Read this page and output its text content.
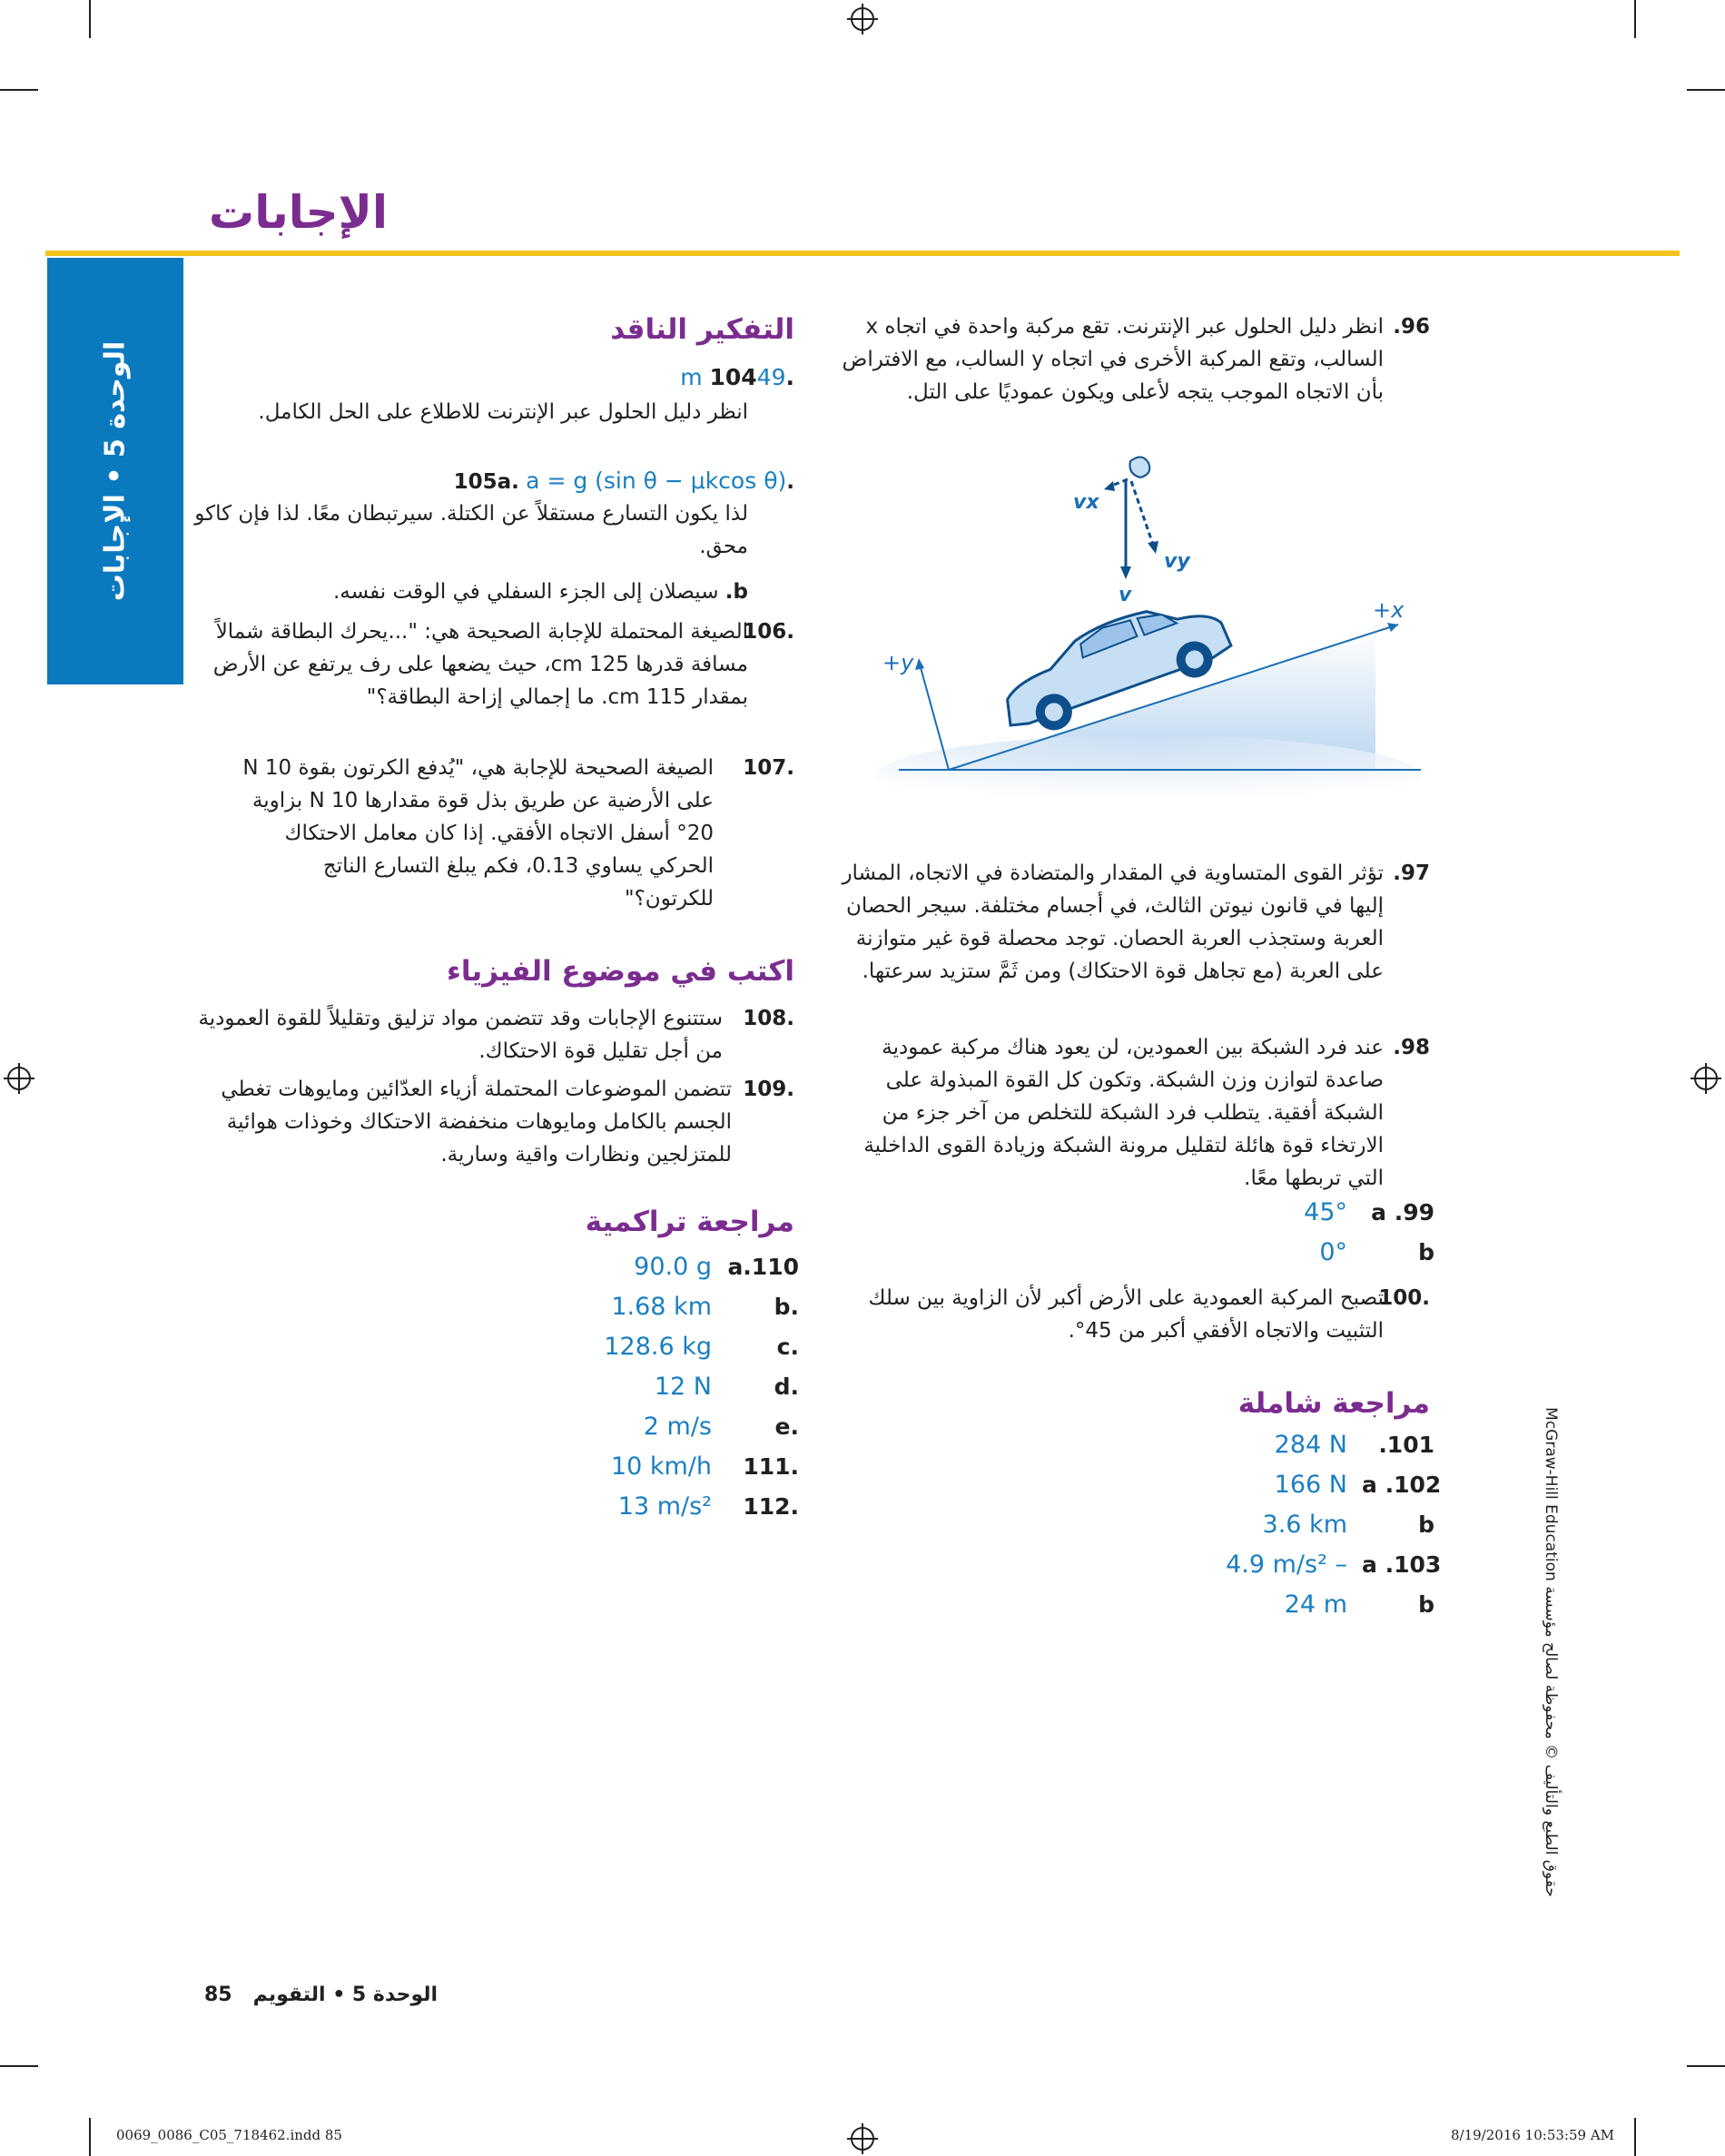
الإجابات
الوحدة 5 • الإجابات
التفكير الناقد
.10449 m
انظر دليل الحلول عبر الإنترنت للاطلاع على الحل الكامل.
.105a. a = g (sin θ − μkcos θ)
لذا يكون التسارع مستقلاً عن الكتلة. سيرتبطان معًا. لذا فإن كاكو محق.
b. سيصلان إلى الجزء السفلي في الوقت نفسه.
.106
الصيغة المحتملة للإجابة الصحيحة هي: "...يحرك البطاقة شمالاً مسافة قدرها 125 cm، حيث يضعها على رف يرتفع عن الأرض بمقدار 115 cm. ما إجمالي إزاحة البطاقة؟"
.107
الصيغة الصحيحة للإجابة هي، "يُدفع الكرتون بقوة 10 N على الأرضية عن طريق بذل قوة مقدارها 10 N بزاوية 20° أسفل الاتجاه الأفقي. إذا كان معامل الاحتكاك الحركي يساوي 0.13، فكم يبلغ التسارع الناتج للكرتون؟"
اكتب في موضوع الفيزياء
.108
ستتنوع الإجابات وقد تتضمن مواد تزليق وتقليلاً للقوة العمودية من أجل تقليل قوة الاحتكاك.
.109
تتضمن الموضوعات المحتملة أزياء العدّائين ومايوهات تغطي الجسم بالكامل ومايوهات منخفضة الاحتكاك وخوذات هوائية للمتزلجين ونظارات واقية وسارية.
مراجعة تراكمية
90.0 g a.110
1.68 km	b.
128.6 kg	c.
12 N	d.
2 m/s	e.
10 km/h	111.
13 m/s²	112.
96.
انظر دليل الحلول عبر الإنترنت. تقع مركبة واحدة في اتجاه x السالب، وتقع المركبة الأخرى في اتجاه y السالب، مع الافتراض بأن الاتجاه الموجب يتجه لأعلى ويكون عموديًا على التل.
+x
+y
vx
vy
v
97.
تؤثر القوى المتساوية في المقدار والمتضادة في الاتجاه، المشار إليها في قانون نيوتن الثالث، في أجسام مختلفة. سيجر الحصان العربة وستجذب العربة الحصان. توجد محصلة قوة غير متوازنة على العربة (مع تجاهل قوة الاحتكاك) ومن ثَمَّ ستزيد سرعتها.
98.
عند فرد الشبكة بين العمودين، لن يعود هناك مركبة عمودية صاعدة لتوازن وزن الشبكة. وتكون كل القوة المبذولة على الشبكة أفقية. يتطلب فرد الشبكة للتخلص من آخر جزء من الارتخاء قوة هائلة لتقليل مرونة الشبكة وزيادة القوى الداخلية التي تربطها معًا.
45°	a .99
0°	b
.100
تصبح المركبة العمودية على الأرض أكبر لأن الزاوية بين سلك التثبيت والاتجاه الأفقي أكبر من 45°.
مراجعة شاملة
284 N	.101
166 N a .102
3.6 km	b
4.9 m/s² – a .103
24 m	b
حقوق الطبع والتأليف © محفوظة لصالح مؤسسة McGraw-Hill Education
الوحدة 5 • التقويم   85
0069_0086_C05_718462.indd 85	8/19/2016 10:53:59 AM
